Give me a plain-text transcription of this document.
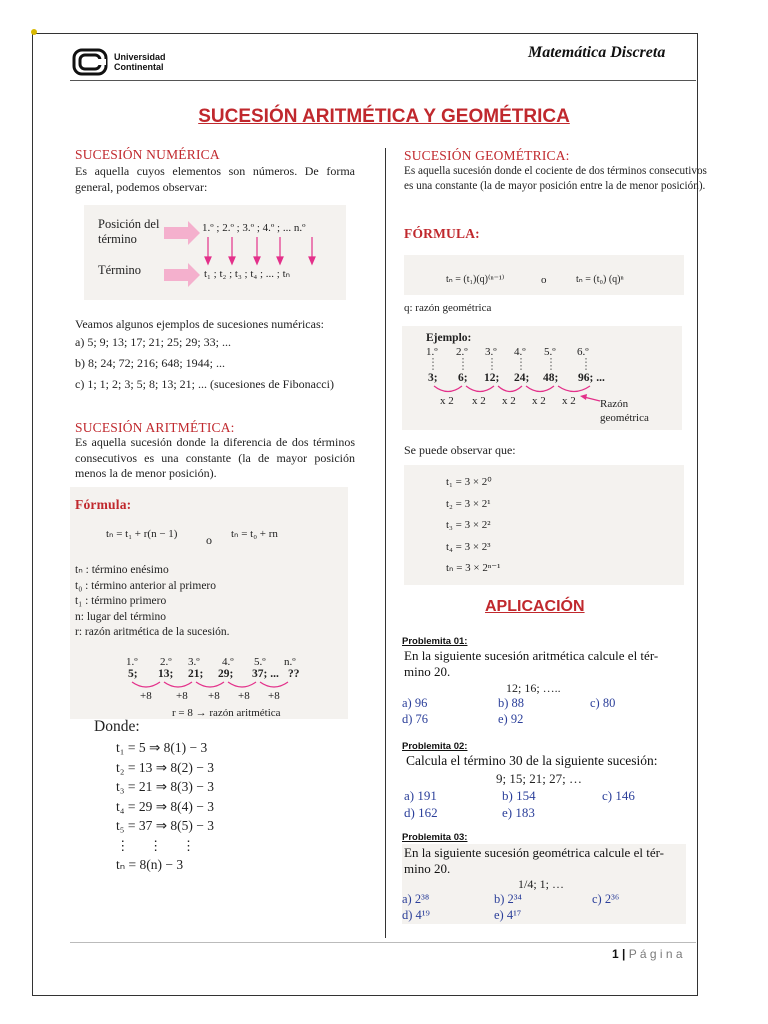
Universidad
Continental
Matemática Discreta
SUCESIÓN ARITMÉTICA Y GEOMÉTRICA
SUCESIÓN NUMÉRICA
Es aquella cuyos elementos son números. De forma general, podemos observar:
Posición del
término
Término
1.º ; 2.º ; 3.º ; 4.º ; ... n.º
t₁ ; t₂ ; t₃ ; t₄ ; ... ; tₙ
Veamos algunos ejemplos de sucesiones numéricas:
a) 5; 9; 13; 17; 21; 25; 29; 33; ...
b) 8; 24; 72; 216; 648; 1944; ...
c) 1; 1; 2; 3; 5; 8; 13; 21; ... (sucesiones de Fibonacci)
SUCESIÓN ARITMÉTICA:
Es aquella sucesión donde la diferencia de dos términos consecutivos es una constante (la de mayor posición menos la de menor posición).
Fórmula:
tₙ = t₁ + r(n − 1) o tₙ = t₀ + rn
tₙ : término enésimo
t₀ : término anterior al primero
t₁ : término primero
n: lugar del término
r: razón aritmética de la sucesión.
1.º 2.º 3.º 4.º 5.º n.º
5; 13; 21; 29; 37; ... ??
+8 +8 +8 +8 +8
r = 8 → razón aritmética
Donde:
t₁ = 5 ⇒ 8(1) − 3
t₂ = 13 ⇒ 8(2) − 3
t₃ = 21 ⇒ 8(3) − 3
t₄ = 29 ⇒ 8(4) − 3
t₅ = 37 ⇒ 8(5) − 3
⋮ ⋮ ⋮
tₙ = 8(n) − 3
SUCESIÓN GEOMÉTRICA:
Es aquella sucesión donde el cociente de dos términos consecutivos es una constante (la de mayor posición entre la de menor posición).
FÓRMULA:
tₙ = (t₁)(q)⁽ⁿ⁻¹⁾	o	tₙ = (t₀) (q)ⁿ
q: razón geométrica
Ejemplo:
1.º 2.º 3.º 4.º 5.º 6.º
3; 6; 12; 24; 48; 96; ...
x 2 x 2 x 2 x 2 x 2 Razón
geométrica
Se puede observar que:
t₁ = 3 × 2⁰
t₂ = 3 × 2¹
t₃ = 3 × 2²
t₄ = 3 × 2³
tₙ = 3 × 2ⁿ⁻¹
APLICACIÓN
Problemita 01:
En la siguiente sucesión aritmética calcule el tér-
mino 20.
12; 16; …..
a) 96	b) 88	c) 80
d) 76	e) 92
Problemita 02:
Calcula el término 30 de la siguiente sucesión:
9; 15; 21; 27; …
a) 191	b) 154	c) 146
d) 162	e) 183
Problemita 03:
En la siguiente sucesión geométrica calcule el tér-
mino 20.
1/4; 1; …
a) 2³⁸	b) 2³⁴	c) 2³⁶
d) 4¹⁹	e) 4¹⁷
1 | P á g i n a
